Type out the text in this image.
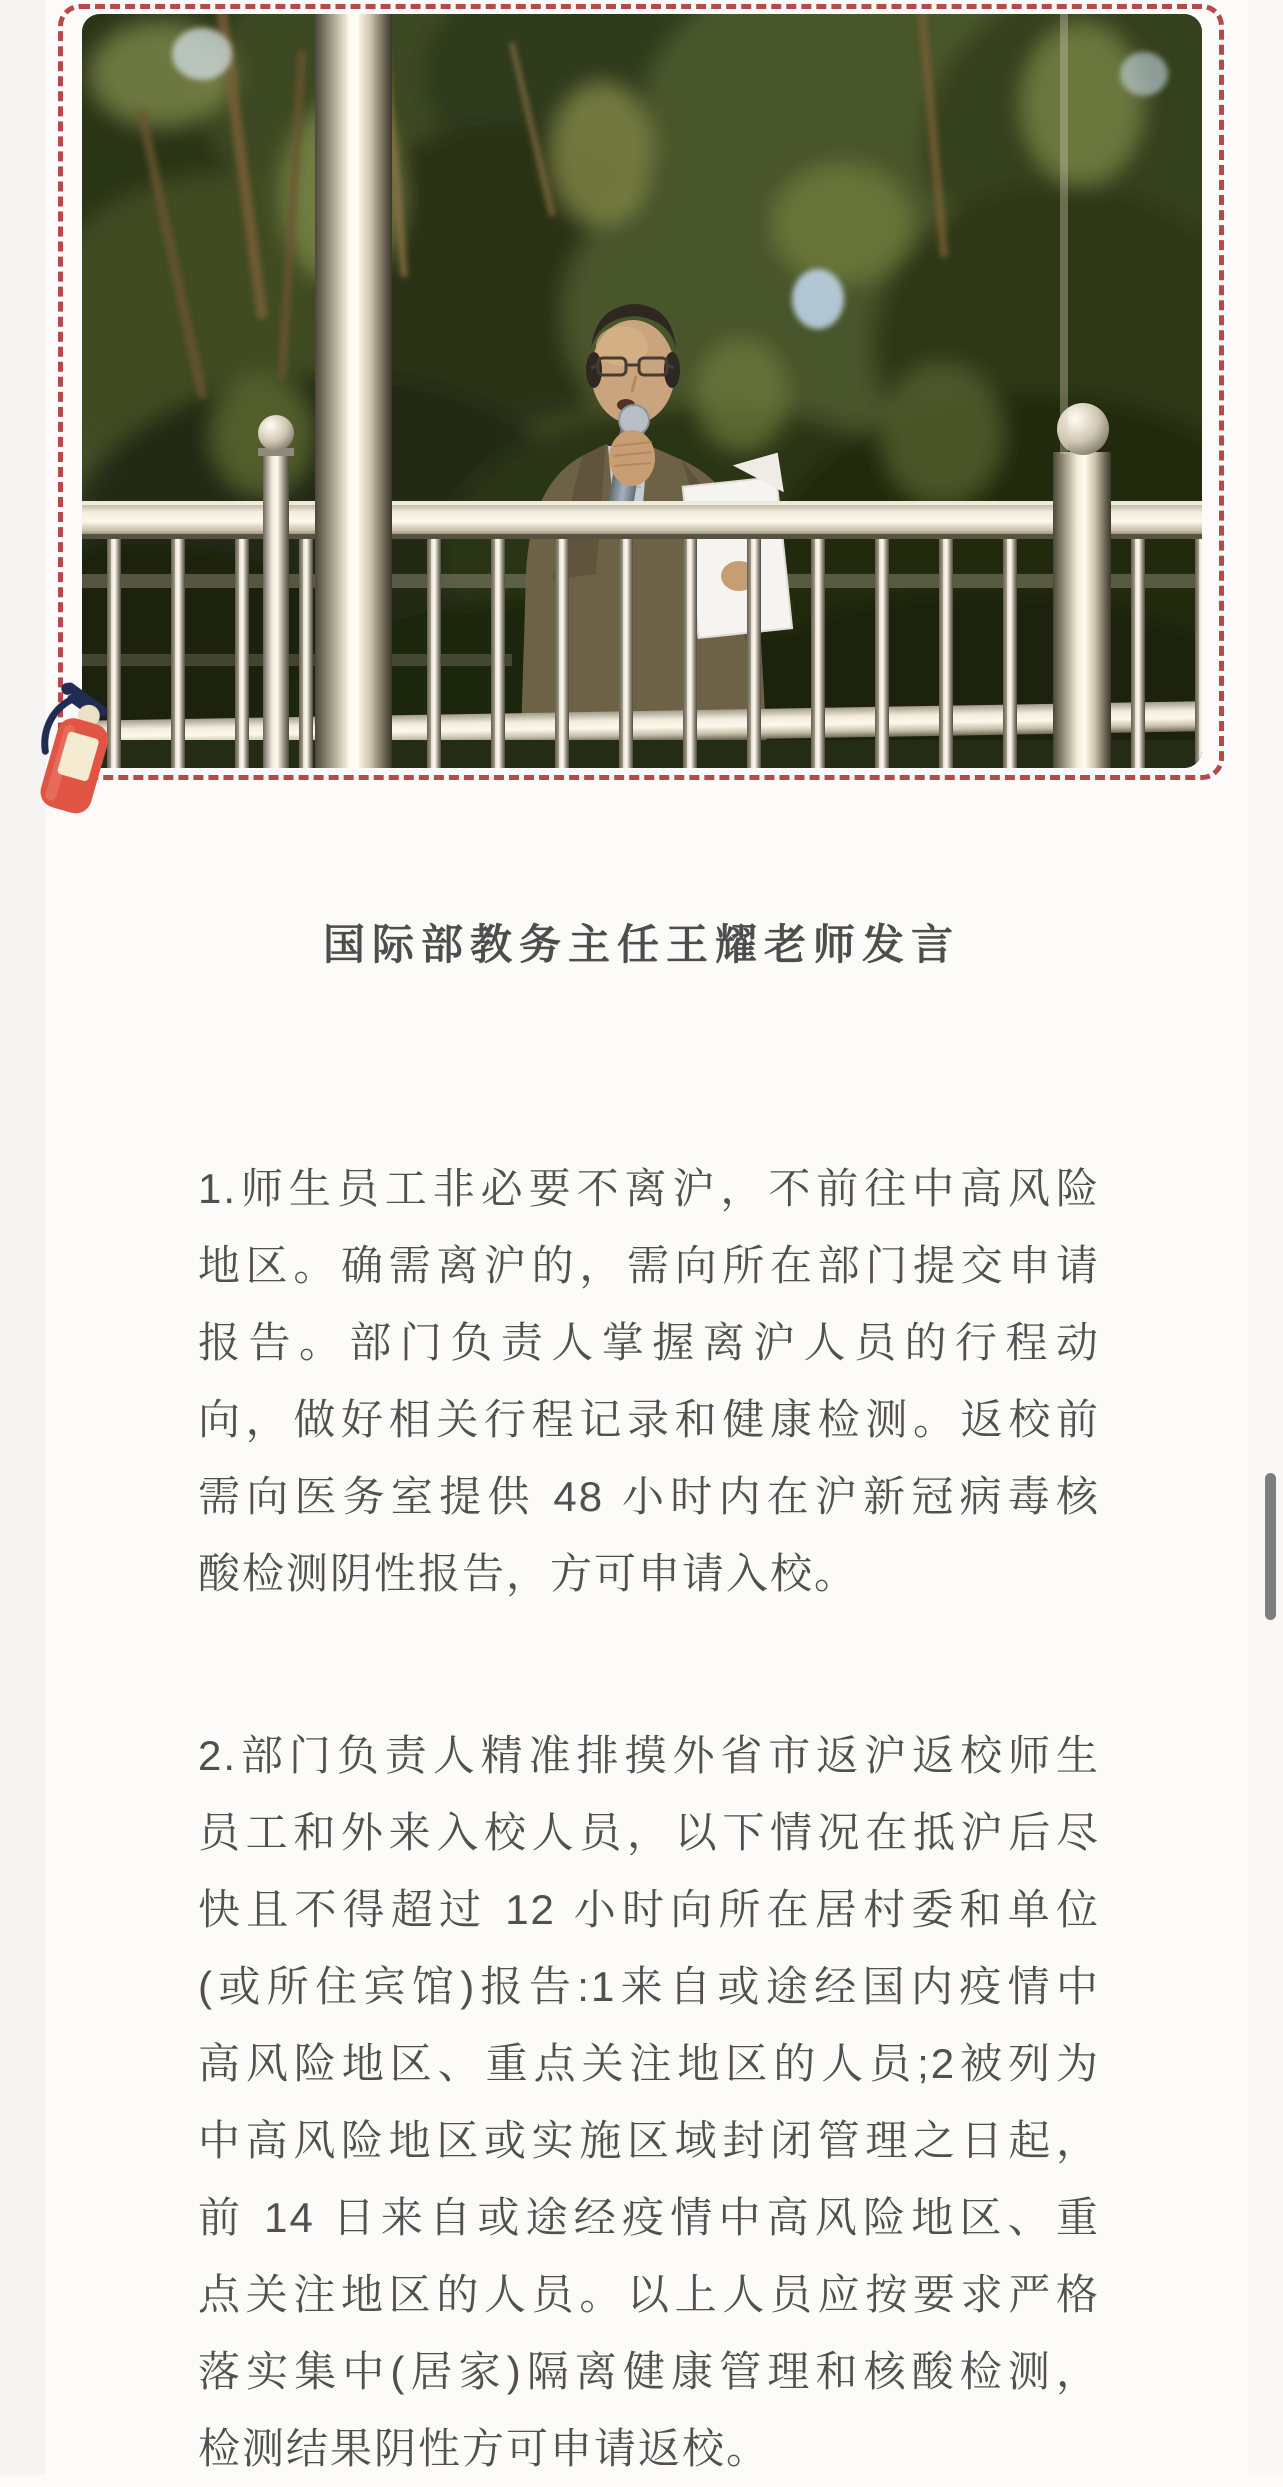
国际部教务主任王耀老师发言
1.师生员工非必要不离沪，不前往中高风险
地区。确需离沪的，需向所在部门提交申请
报告。部门负责人掌握离沪人员的行程动
向，做好相关行程记录和健康检测。返校前
需向医务室提供 48 小时内在沪新冠病毒核
酸检测阴性报告，方可申请入校。
2.部门负责人精准排摸外省市返沪返校师生
员工和外来入校人员，以下情况在抵沪后尽
快且不得超过 12 小时向所在居村委和单位
(或所住宾馆)报告:1来自或途经国内疫情中
高风险地区、重点关注地区的人员;2被列为
中高风险地区或实施区域封闭管理之日起，
前 14 日来自或途经疫情中高风险地区、重
点关注地区的人员。以上人员应按要求严格
落实集中(居家)隔离健康管理和核酸检测，
检测结果阴性方可申请返校。
